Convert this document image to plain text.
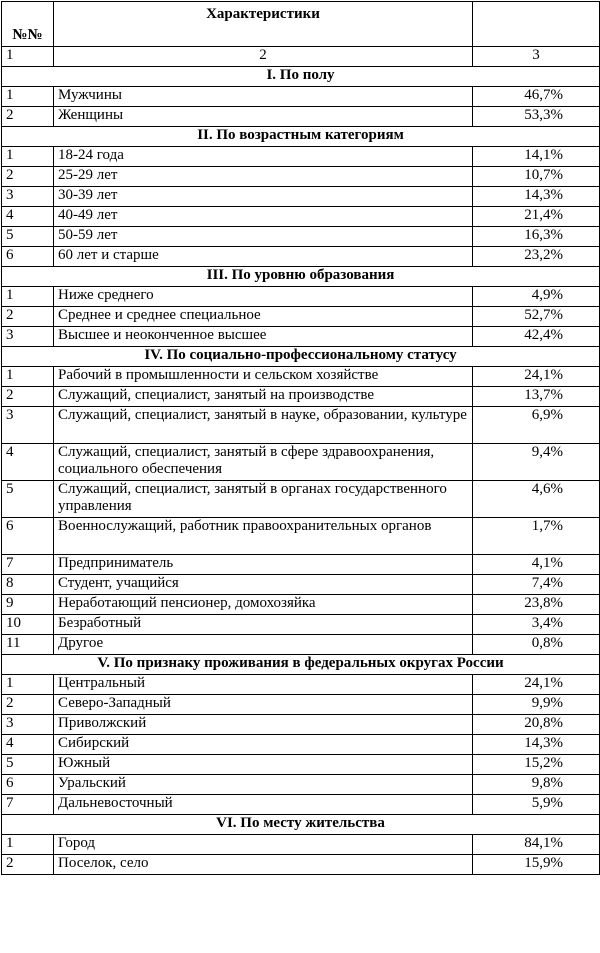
№№	Характеристики	
1	2	3
I. По полу		
1	Мужчины	46,7%
2	Женщины	53,3%
II. По возрастным категориям		
1	18-24 года	14,1%
2	25-29 лет	10,7%
3	30-39 лет	14,3%
4	40-49 лет	21,4%
5	50-59 лет	16,3%
6	60 лет и старше	23,2%
III. По уровню образования		
1	Ниже среднего	4,9%
2	Среднее и среднее специальное	52,7%
3	Высшее и неоконченное высшее	42,4%
IV. По социально-профессиональному статусу		
1	Рабочий в промышленности и сельском хозяйстве	24,1%
2	Служащий, специалист, занятый на производстве	13,7%
3	Служащий, специалист, занятый в науке, образовании, культуре	6,9%
4	Служащий, специалист, занятый в сфере здравоохранения, социального обеспечения	9,4%
5	Служащий, специалист, занятый в органах государственного управления	4,6%
6	Военнослужащий, работник правоохранительных органов	1,7%
7	Предприниматель	4,1%
8	Студент, учащийся	7,4%
9	Неработающий пенсионер, домохозяйка	23,8%
10	Безработный	3,4%
11	Другое	0,8%
V. По признаку проживания в федеральных округах России		
1	Центральный	24,1%
2	Северо-Западный	9,9%
3	Приволжский	20,8%
4	Сибирский	14,3%
5	Южный	15,2%
6	Уральский	9,8%
7	Дальневосточный	5,9%
VI. По месту жительства		
1	Город	84,1%
2	Поселок, село	15,9%
